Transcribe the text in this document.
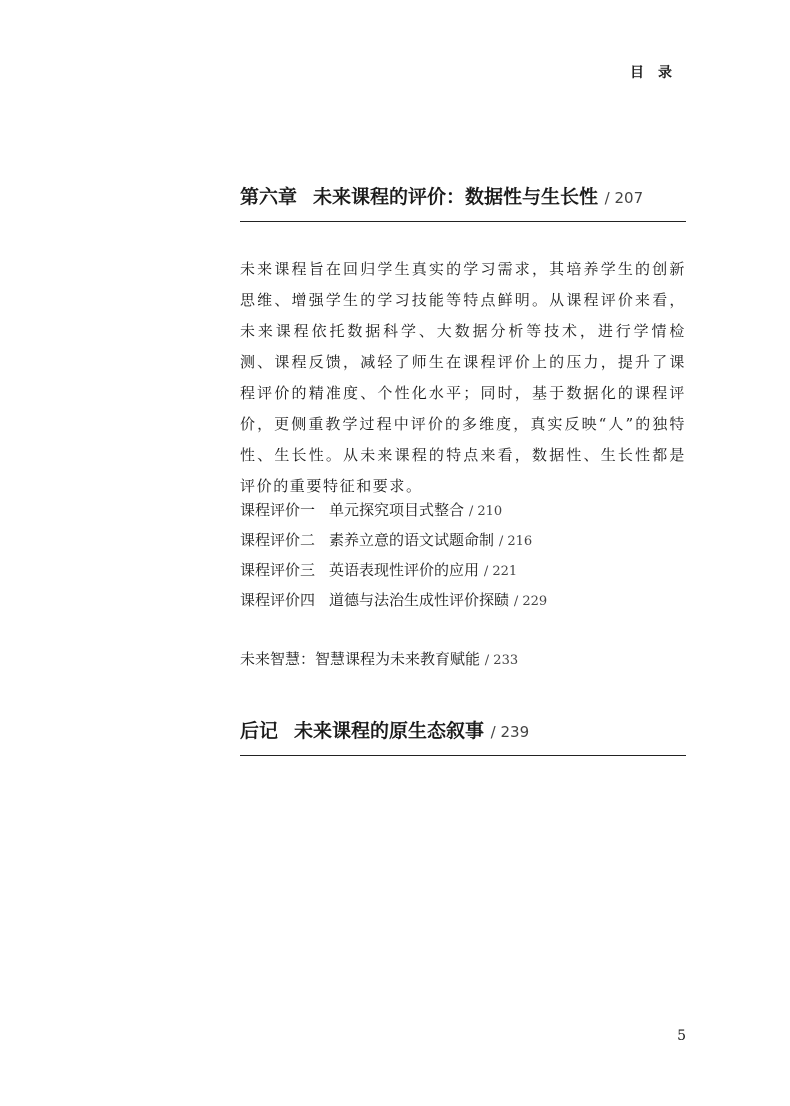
目录
第六章 未来课程的评价：数据性与生长性 / 207
未来课程旨在回归学生真实的学习需求，其培养学生的创新思维、增强学生的学习技能等特点鲜明。从课程评价来看，未来课程依托数据科学、大数据分析等技术，进行学情检测、课程反馈，减轻了师生在课程评价上的压力，提升了课程评价的精准度、个性化水平；同时，基于数据化的课程评价，更侧重教学过程中评价的多维度，真实反映“人”的独特性、生长性。从未来课程的特点来看，数据性、生长性都是评价的重要特征和要求。
课程评价一 单元探究项目式整合 / 210
课程评价二 素养立意的语文试题命制 / 216
课程评价三 英语表现性评价的应用 / 221
课程评价四 道德与法治生成性评价探赜 / 229
未来智慧：智慧课程为未来教育赋能 / 233
后记 未来课程的原生态叙事 / 239
5
